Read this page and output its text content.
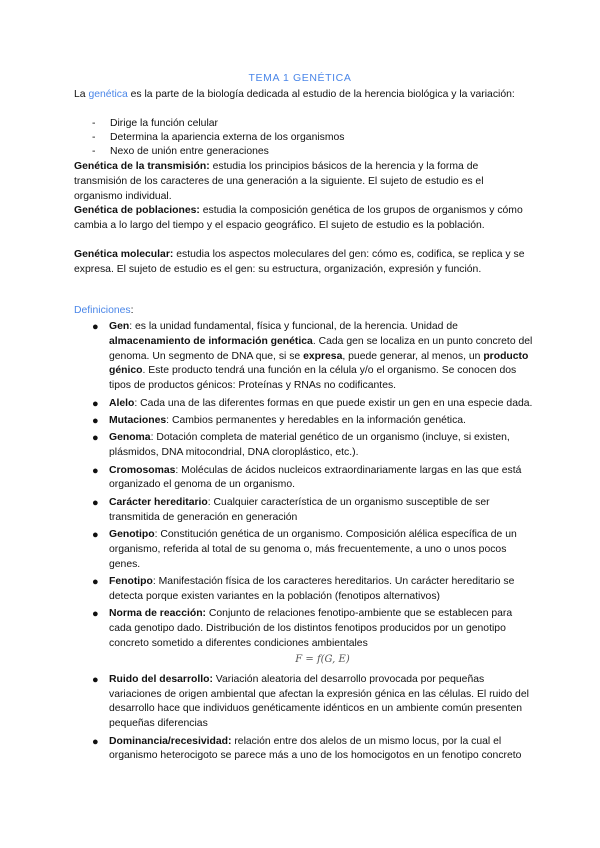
TEMA 1 GENÉTICA
La genética es la parte de la biología dedicada al estudio de la herencia biológica y la variación:
- Dirige la función celular
- Determina la apariencia externa de los organismos
- Nexo de unión entre generaciones
Genética de la transmisión: estudia los principios básicos de la herencia y la forma de transmisión de los caracteres de una generación a la siguiente. El sujeto de estudio es el organismo individual.
Genética de poblaciones: estudia la composición genética de los grupos de organismos y cómo cambia a lo largo del tiempo y el espacio geográfico. El sujeto de estudio es la población.
Genética molecular: estudia los aspectos moleculares del gen: cómo es, codifica, se replica y se expresa. El sujeto de estudio es el gen: su estructura, organización, expresión y función.
Definiciones:
● Gen: es la unidad fundamental, física y funcional, de la herencia. Unidad de almacenamiento de información genética. Cada gen se localiza en un punto concreto del genoma. Un segmento de DNA que, si se expresa, puede generar, al menos, un producto génico. Este producto tendrá una función en la célula y/o el organismo. Se conocen dos tipos de productos génicos: Proteínas y RNAs no codificantes.
● Alelo: Cada una de las diferentes formas en que puede existir un gen en una especie dada.
● Mutaciones: Cambios permanentes y heredables en la información genética.
● Genoma: Dotación completa de material genético de un organismo (incluye, si existen, plásmidos, DNA mitocondrial, DNA cloroplástico, etc.).
● Cromosomas: Moléculas de ácidos nucleicos extraordinariamente largas en las que está organizado el genoma de un organismo.
● Carácter hereditario: Cualquier característica de un organismo susceptible de ser transmitida de generación en generación
● Genotipo: Constitución genética de un organismo. Composición alélica específica de un organismo, referida al total de su genoma o, más frecuentemente, a uno o unos pocos genes.
● Fenotipo: Manifestación física de los caracteres hereditarios. Un carácter hereditario se detecta porque existen variantes en la población (fenotipos alternativos)
● Norma de reacción: Conjunto de relaciones fenotipo-ambiente que se establecen para cada genotipo dado. Distribución de los distintos fenotipos producidos por un genotipo concreto sometido a diferentes condiciones ambientales
F = f(G, E)
● Ruido del desarrollo: Variación aleatoria del desarrollo provocada por pequeñas variaciones de origen ambiental que afectan la expresión génica en las células. El ruido del desarrollo hace que individuos genéticamente idénticos en un ambiente común presenten pequeñas diferencias
● Dominancia/recesividad: relación entre dos alelos de un mismo locus, por la cual el organismo heterocigoto se parece más a uno de los homocigotos en un fenotipo concreto
